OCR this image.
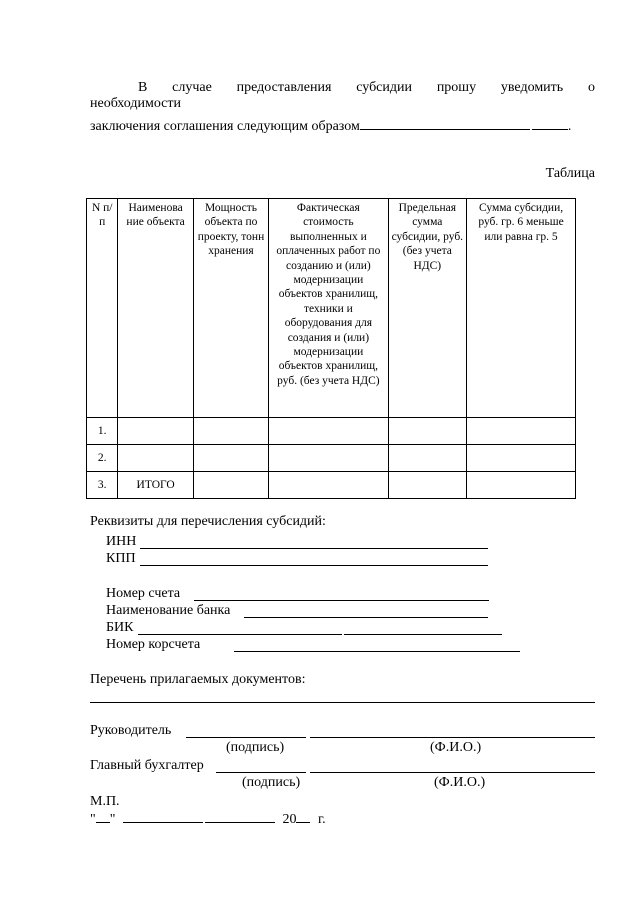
В случае предоставления субсидии прошу уведомить о
необходимости
заключения соглашения следующим образом	.
Таблица
N п/п	Наименова ние объекта	Мощность объекта по проекту, тонн хранения	Фактическая стоимость выполненных и оплаченных работ по созданию и (или) модернизации объектов хранилищ, техники и оборудования для создания и (или) модернизации объектов хранилищ, руб. (без учета НДС)	Предельная сумма субсидии, руб. (без учета НДС)	Сумма субсидии, руб. гр. 6 меньше или равна гр. 5
1.					
2.					
3.	ИТОГО				
Реквизиты для перечисления субсидий:
ИНН
КПП
Номер счета
Наименование банка
БИК
Номер корсчета
Перечень прилагаемых документов:
Руководитель
(подпись)	(Ф.И.О.)
Главный бухгалтер
(подпись)	(Ф.И.О.)
М.П.
" "	20 г.
